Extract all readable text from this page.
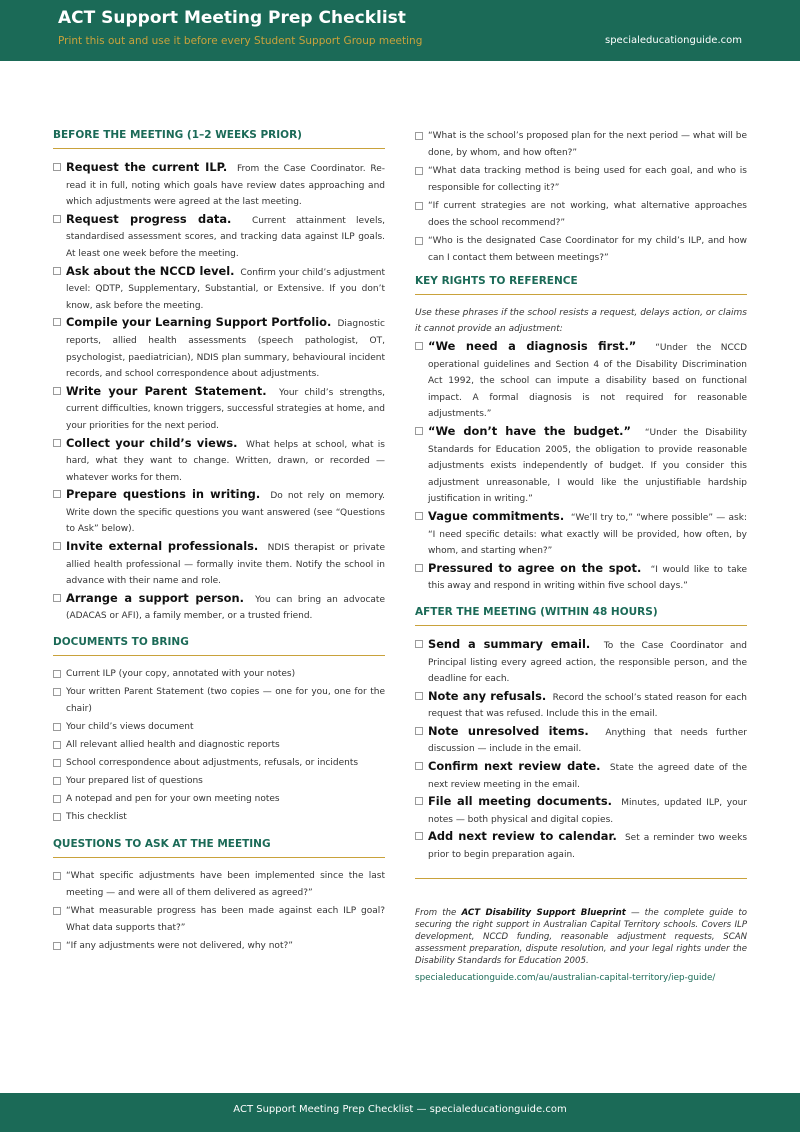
ACT Support Meeting Prep Checklist
Print this out and use it before every Student Support Group meeting	specialeducationguide.com
BEFORE THE MEETING (1–2 WEEKS PRIOR)
Request the current ILP. From the Case Coordinator. Re-read it in full, noting which goals have review dates approaching and which adjustments were agreed at the last meeting.
Request progress data. Current attainment levels, standardised assessment scores, and tracking data against ILP goals. At least one week before the meeting.
Ask about the NCCD level. Confirm your child’s adjustment level: QDTP, Supplementary, Substantial, or Extensive. If you don’t know, ask before the meeting.
Compile your Learning Support Portfolio. Diagnostic reports, allied health assessments (speech pathologist, OT, psychologist, paediatrician), NDIS plan summary, behavioural incident records, and school correspondence about adjustments.
Write your Parent Statement. Your child’s strengths, current difficulties, known triggers, successful strategies at home, and your priorities for the next period.
Collect your child’s views. What helps at school, what is hard, what they want to change. Written, drawn, or recorded — whatever works for them.
Prepare questions in writing. Do not rely on memory. Write down the specific questions you want answered (see “Questions to Ask” below).
Invite external professionals. NDIS therapist or private allied health professional — formally invite them. Notify the school in advance with their name and role.
Arrange a support person. You can bring an advocate (ADACAS or AFI), a family member, or a trusted friend.
DOCUMENTS TO BRING
Current ILP (your copy, annotated with your notes)
Your written Parent Statement (two copies — one for you, one for the chair)
Your child’s views document
All relevant allied health and diagnostic reports
School correspondence about adjustments, refusals, or incidents
Your prepared list of questions
A notepad and pen for your own meeting notes
This checklist
QUESTIONS TO ASK AT THE MEETING
“What specific adjustments have been implemented since the last meeting — and were all of them delivered as agreed?”
“What measurable progress has been made against each ILP goal? What data supports that?”
“If any adjustments were not delivered, why not?”
“What is the school’s proposed plan for the next period — what will be done, by whom, and how often?”
“What data tracking method is being used for each goal, and who is responsible for collecting it?”
“If current strategies are not working, what alternative approaches does the school recommend?”
“Who is the designated Case Coordinator for my child’s ILP, and how can I contact them between meetings?”
KEY RIGHTS TO REFERENCE
Use these phrases if the school resists a request, delays action, or claims it cannot provide an adjustment:
“We need a diagnosis first.” “Under the NCCD operational guidelines and Section 4 of the Disability Discrimination Act 1992, the school can impute a disability based on functional impact. A formal diagnosis is not required for reasonable adjustments.”
“We don’t have the budget.” “Under the Disability Standards for Education 2005, the obligation to provide reasonable adjustments exists independently of budget. If you consider this adjustment unreasonable, I would like the unjustifiable hardship justification in writing.”
Vague commitments. “We’ll try to,” “where possible” — ask: “I need specific details: what exactly will be provided, how often, by whom, and starting when?”
Pressured to agree on the spot. “I would like to take this away and respond in writing within five school days.”
AFTER THE MEETING (WITHIN 48 HOURS)
Send a summary email. To the Case Coordinator and Principal listing every agreed action, the responsible person, and the deadline for each.
Note any refusals. Record the school’s stated reason for each request that was refused. Include this in the email.
Note unresolved items. Anything that needs further discussion — include in the email.
Confirm next review date. State the agreed date of the next review meeting in the email.
File all meeting documents. Minutes, updated ILP, your notes — both physical and digital copies.
Add next review to calendar. Set a reminder two weeks prior to begin preparation again.
From the ACT Disability Support Blueprint — the complete guide to securing the right support in Australian Capital Territory schools. Covers ILP development, NCCD funding, reasonable adjustment requests, SCAN assessment preparation, dispute resolution, and your legal rights under the Disability Standards for Education 2005.
specialeducationguide.com/au/australian-capital-territory/iep-guide/
ACT Support Meeting Prep Checklist — specialeducationguide.com
